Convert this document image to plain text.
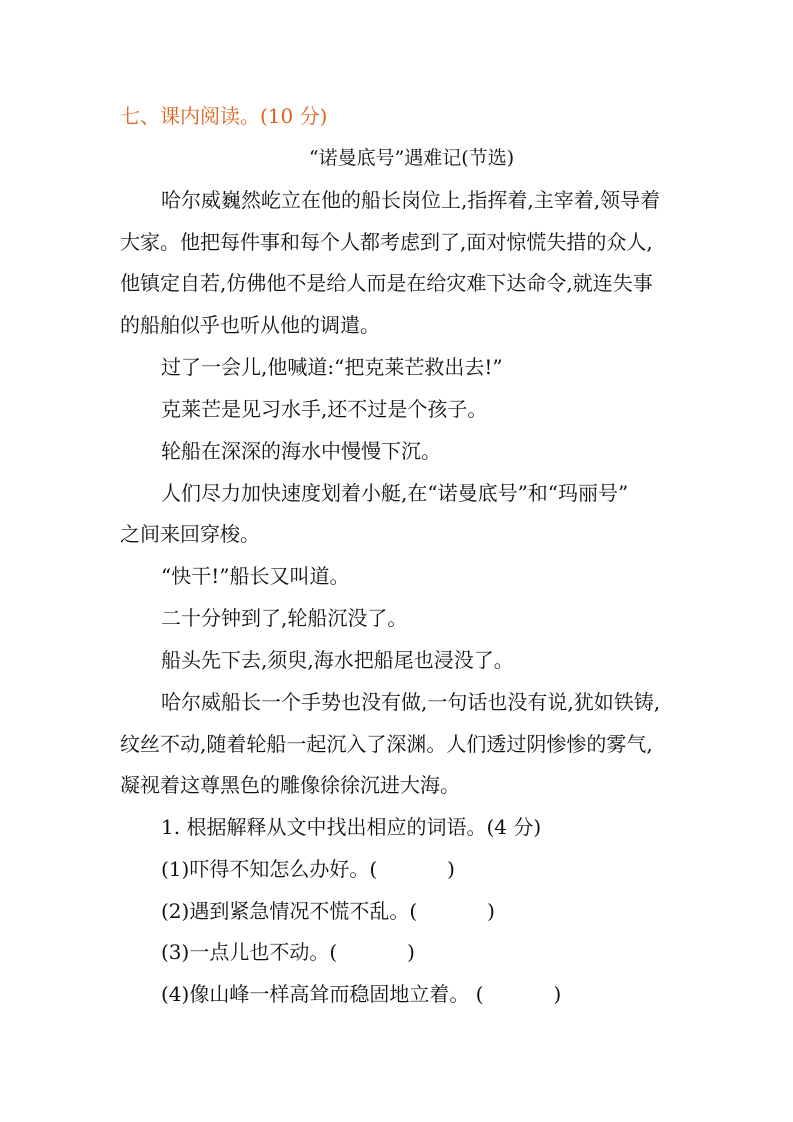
七、课内阅读。(10 分)
“诺曼底号”遇难记(节选)
哈尔威巍然屹立在他的船长岗位上,指挥着,主宰着,领导着
大家。他把每件事和每个人都考虑到了,面对惊慌失措的众人,
他镇定自若,仿佛他不是给人而是在给灾难下达命令,就连失事
的船舶似乎也听从他的调遣。
过了一会儿,他喊道:“把克莱芒救出去!”
克莱芒是见习水手,还不过是个孩子。
轮船在深深的海水中慢慢下沉。
人们尽力加快速度划着小艇,在“诺曼底号”和“玛丽号”
之间来回穿梭。
“快干!”船长又叫道。
二十分钟到了,轮船沉没了。
船头先下去,须臾,海水把船尾也浸没了。
哈尔威船长一个手势也没有做,一句话也没有说,犹如铁铸,
纹丝不动,随着轮船一起沉入了深渊。人们透过阴惨惨的雾气,
凝视着这尊黑色的雕像徐徐沉进大海。
1. 根据解释从文中找出相应的词语。(4 分)
(1)吓得不知怎么办好。(	)
(2)遇到紧急情况不慌不乱。(	)
(3)一点儿也不动。(	)
(4)像山峰一样高耸而稳固地立着。 (	)
